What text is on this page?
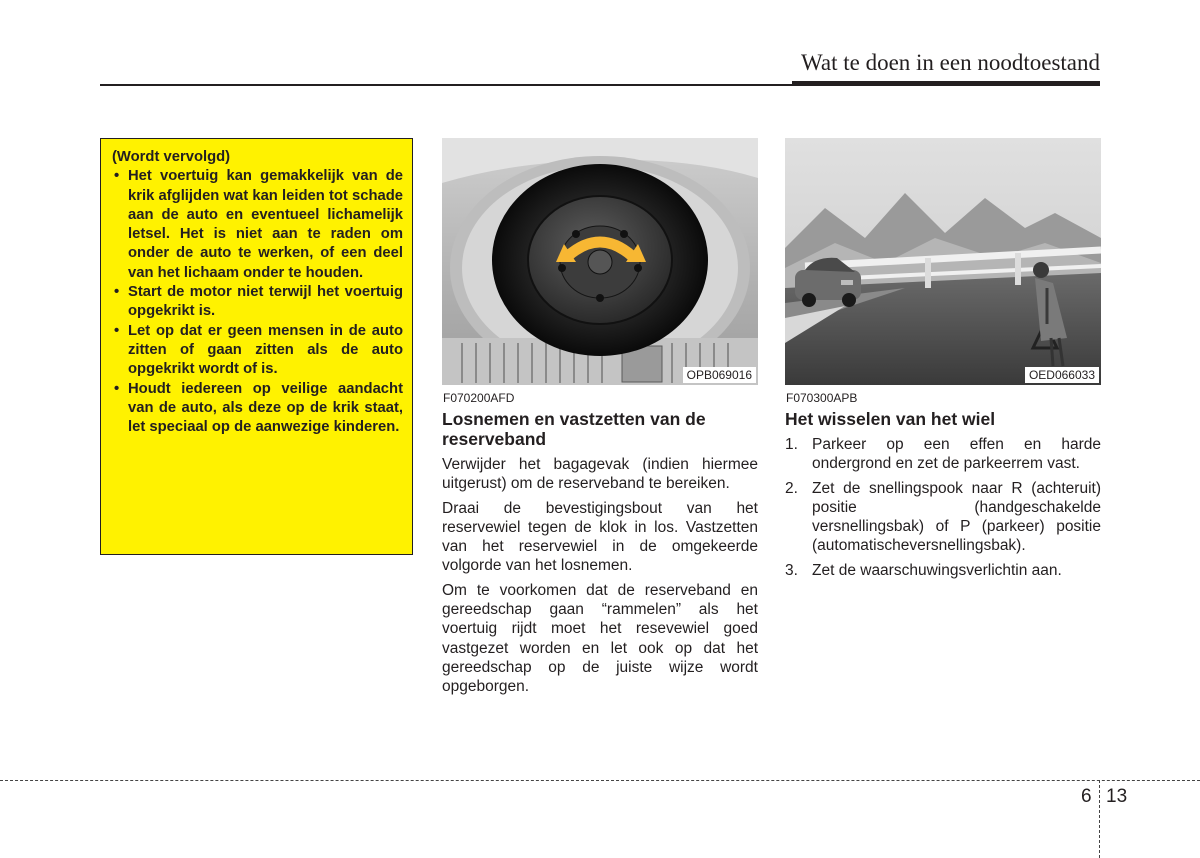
Wat te doen in een noodtoestand
(Wordt vervolgd)
• Het voertuig kan gemakkelijk van de krik afglijden wat kan leiden tot schade aan de auto en eventueel lichamelijk letsel. Het is niet aan te raden om onder de auto te werken, of een deel van het lichaam onder te houden.
• Start de motor niet terwijl het voertuig opgekrikt is.
• Let op dat er geen mensen in de auto zitten of gaan zitten als de auto opgekrikt wordt of is.
• Houdt iedereen op veilige aandacht van de auto, als deze op de krik staat, let speciaal op de aanwezige kinderen.
OPB069016
F070200AFD
OED066033
F070300APB
Losnemen en vastzetten van de reserveband

Verwijder het bagagevak (indien hiermee uitgerust) om de reserveband te bereiken.

Draai de bevestigingsbout van het reservewiel tegen de klok in los. Vastzetten van het reservewiel in de omgekeerde volgorde van het losnemen.

Om te voorkomen dat de reserveband en gereedschap gaan “rammelen” als het voertuig rijdt moet het resevewiel goed vastgezet worden en let ook op dat het gereedschap op de juiste wijze wordt opgeborgen.

Het wisselen van het wiel
1. Parkeer op een effen en harde ondergrond en zet de parkeerrem vast.
2. Zet de snellingspook naar R (achteruit) positie (handgeschakelde versnellingsbak) of P (parkeer) positie (automatischeversnellingsbak).
3. Zet de waarschuwingsverlichtin aan.
6 13
